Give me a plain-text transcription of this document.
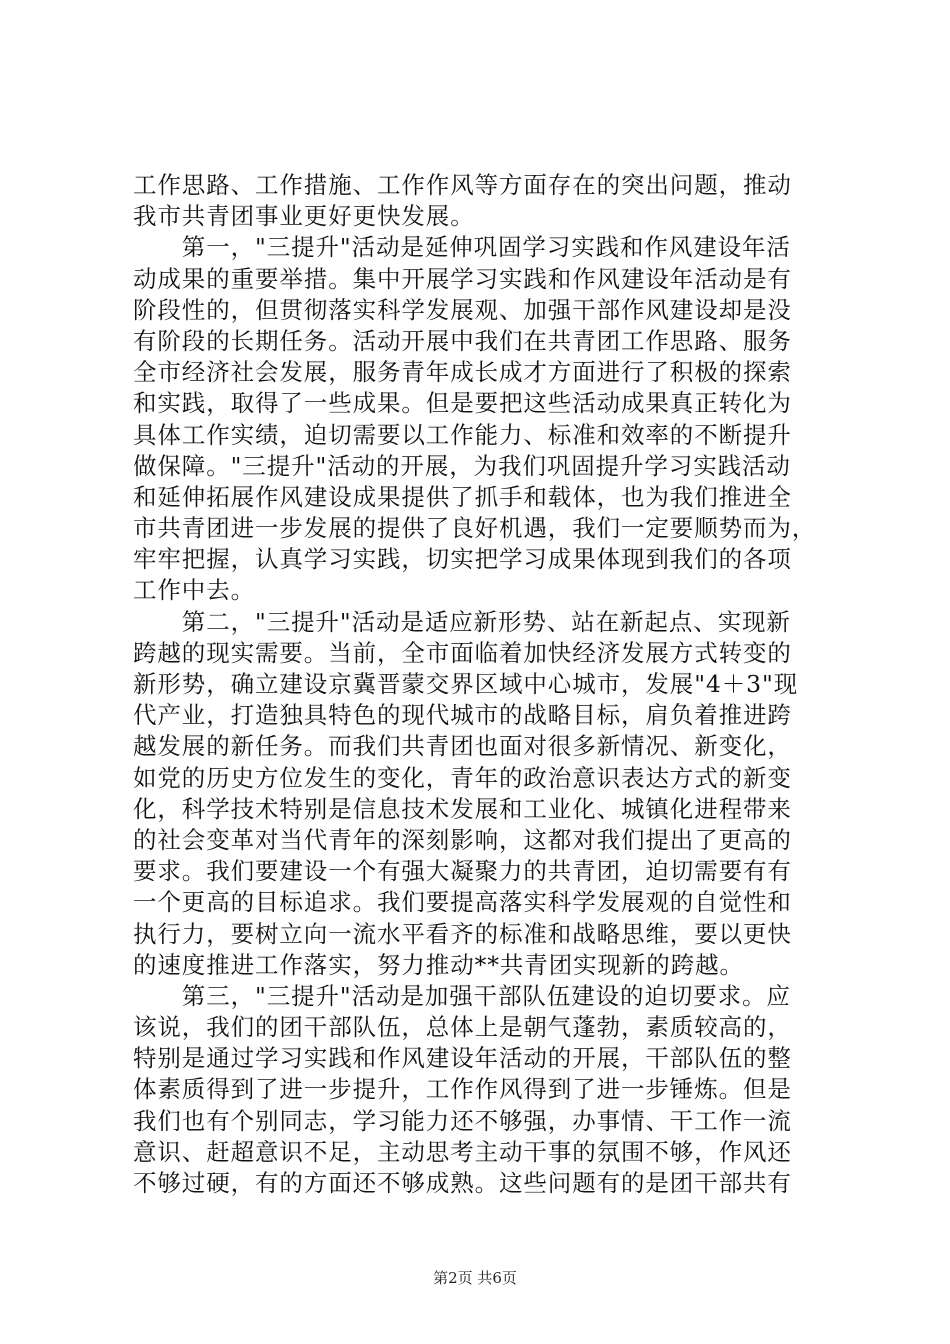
工作思路、工作措施、工作作风等方面存在的突出问题，推动
我市共青团事业更好更快发展。
　　第一，"三提升"活动是延伸巩固学习实践和作风建设年活
动成果的重要举措。集中开展学习实践和作风建设年活动是有
阶段性的，但贯彻落实科学发展观、加强干部作风建设却是没
有阶段的长期任务。活动开展中我们在共青团工作思路、服务
全市经济社会发展，服务青年成长成才方面进行了积极的探索
和实践，取得了一些成果。但是要把这些活动成果真正转化为
具体工作实绩，迫切需要以工作能力、标准和效率的不断提升
做保障。"三提升"活动的开展，为我们巩固提升学习实践活动
和延伸拓展作风建设成果提供了抓手和载体，也为我们推进全
市共青团进一步发展的提供了良好机遇，我们一定要顺势而为，
牢牢把握，认真学习实践，切实把学习成果体现到我们的各项
工作中去。
　　第二，"三提升"活动是适应新形势、站在新起点、实现新
跨越的现实需要。当前，全市面临着加快经济发展方式转变的
新形势，确立建设京冀晋蒙交界区域中心城市，发展"4＋3"现
代产业，打造独具特色的现代城市的战略目标，肩负着推进跨
越发展的新任务。而我们共青团也面对很多新情况、新变化，
如党的历史方位发生的变化，青年的政治意识表达方式的新变
化，科学技术特别是信息技术发展和工业化、城镇化进程带来
的社会变革对当代青年的深刻影响，这都对我们提出了更高的
要求。我们要建设一个有强大凝聚力的共青团，迫切需要有有
一个更高的目标追求。我们要提高落实科学发展观的自觉性和
执行力，要树立向一流水平看齐的标准和战略思维，要以更快
的速度推进工作落实，努力推动**共青团实现新的跨越。
　　第三，"三提升"活动是加强干部队伍建设的迫切要求。应
该说，我们的团干部队伍，总体上是朝气蓬勃，素质较高的，
特别是通过学习实践和作风建设年活动的开展，干部队伍的整
体素质得到了进一步提升，工作作风得到了进一步锤炼。但是
我们也有个别同志，学习能力还不够强，办事情、干工作一流
意识、赶超意识不足，主动思考主动干事的氛围不够，作风还
不够过硬，有的方面还不够成熟。这些问题有的是团干部共有
第2页 共6页
